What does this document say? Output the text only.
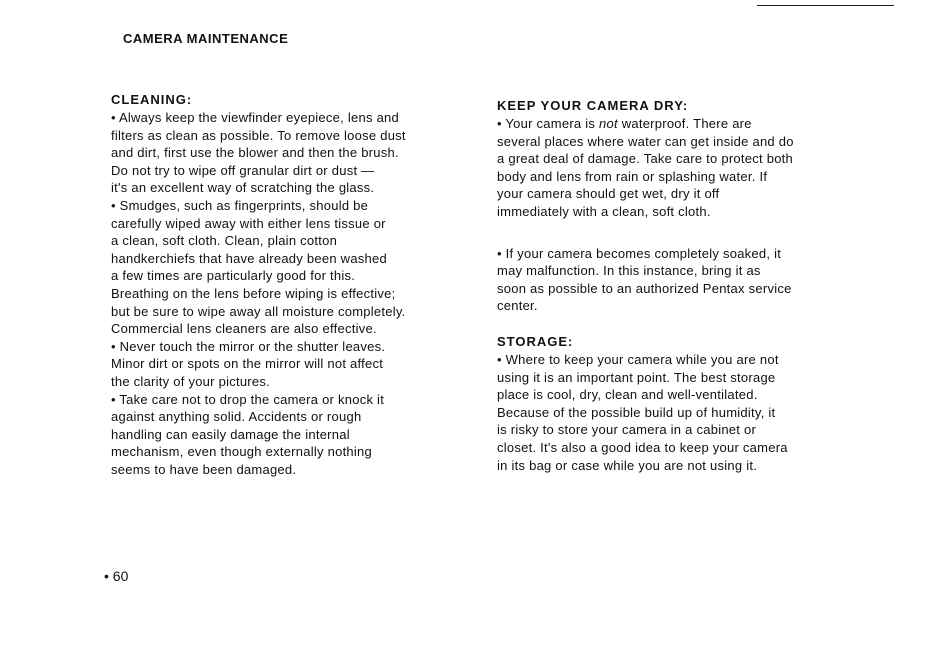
CAMERA MAINTENANCE
CLEANING:
• Always keep the viewfinder eyepiece, lens and
filters as clean as possible. To remove loose dust
and dirt, first use the blower and then the brush.
Do not try to wipe off granular dirt or dust —
it's an excellent way of scratching the glass.
• Smudges, such as fingerprints, should be
carefully wiped away with either lens tissue or
a clean, soft cloth. Clean, plain cotton
handkerchiefs that have already been washed
a few times are particularly good for this.
Breathing on the lens before wiping is effective;
but be sure to wipe away all moisture completely.
Commercial lens cleaners are also effective.
• Never touch the mirror or the shutter leaves.
Minor dirt or spots on the mirror will not affect
the clarity of your pictures.
• Take care not to drop the camera or knock it
against anything solid. Accidents or rough
handling can easily damage the internal
mechanism, even though externally nothing
seems to have been damaged.
KEEP YOUR CAMERA DRY:
• Your camera is not waterproof. There are
several places where water can get inside and do
a great deal of damage. Take care to protect both
body and lens from rain or splashing water. If
your camera should get wet, dry it off
immediately with a clean, soft cloth.
• If your camera becomes completely soaked, it
may malfunction. In this instance, bring it as
soon as possible to an authorized Pentax service
center.
STORAGE:
• Where to keep your camera while you are not
using it is an important point. The best storage
place is cool, dry, clean and well-ventilated.
Because of the possible build up of humidity, it
is risky to store your camera in a cabinet or
closet. It's also a good idea to keep your camera
in its bag or case while you are not using it.
• 60
